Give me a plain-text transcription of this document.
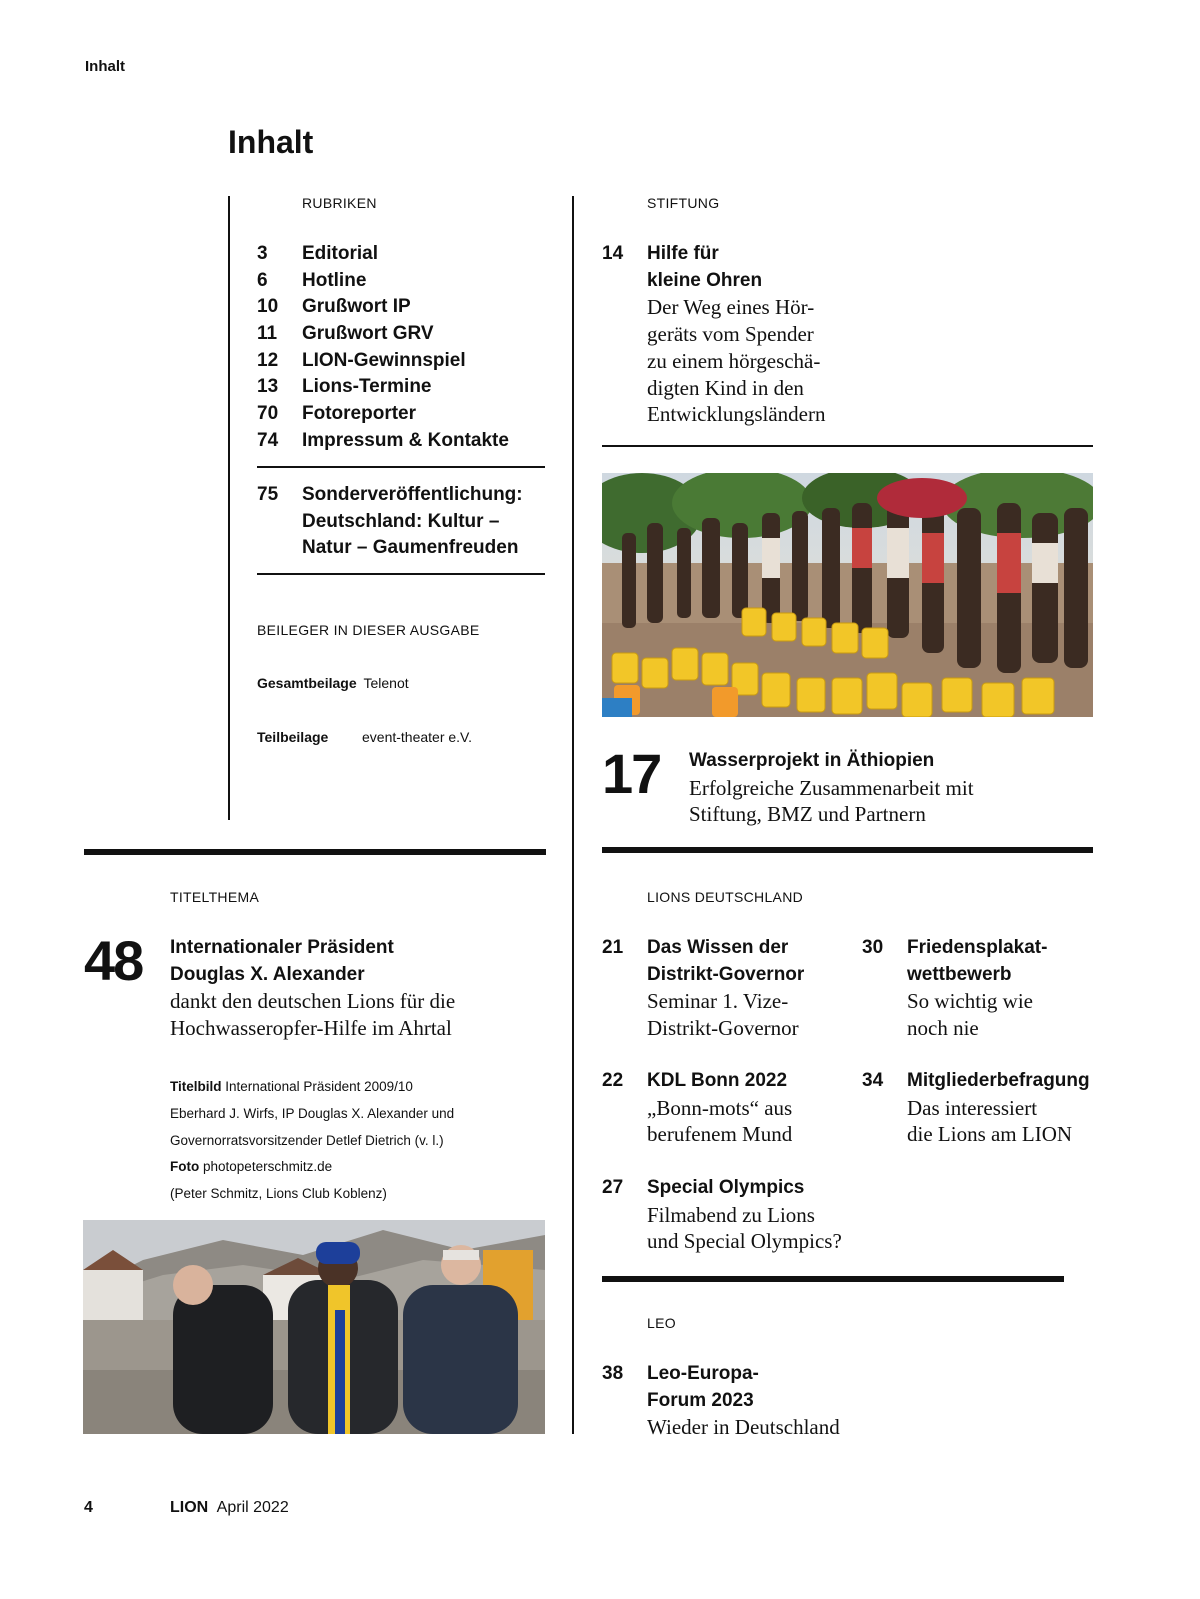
Inhalt
Inhalt
RUBRIKEN
3 Editorial
6 Hotline
10 Grußwort IP
11 Grußwort GRV
12 LION-Gewinnspiel
13 Lions-Termine
70 Fotoreporter
74 Impressum & Kontakte
75 Sonderveröffentlichung:
Deutschland: Kultur –
Natur – Gaumenfreuden
BEILEGER IN DIESER AUSGABE
Gesamtbeilage Telenot
Teilbeilage event-theater e.V.
STIFTUNG
14 Hilfe für
kleine Ohren
Der Weg eines Hör-
geräts vom Spender
zu einem hörgeschä-
digten Kind in den
Entwicklungsländern
17 Wasserprojekt in Äthiopien
Erfolgreiche Zusammenarbeit mit
Stiftung, BMZ und Partnern
TITELTHEMA
48 Internationaler Präsident
Douglas X. Alexander
dankt den deutschen Lions für die
Hochwasseropfer-Hilfe im Ahrtal
Titelbild International Präsident 2009/10
Eberhard J. Wirfs, IP Douglas X. Alexander und
Governorratsvorsitzender Detlef Dietrich (v. l.)
Foto photopeterschmitz.de
(Peter Schmitz, Lions Club Koblenz)
LIONS DEUTSCHLAND
21 Das Wissen der
Distrikt-Governor
Seminar 1. Vize-
Distrikt-Governor
30 Friedensplakat-
wettbewerb
So wichtig wie
noch nie
22 KDL Bonn 2022
„Bonn-mots“ aus
berufenem Mund
34 Mitgliederbefragung
Das interessiert
die Lions am LION
27 Special Olympics
Filmabend zu Lions
und Special Olympics?
LEO
38 Leo-Europa-
Forum 2023
Wieder in Deutschland
4	LION April 2022
